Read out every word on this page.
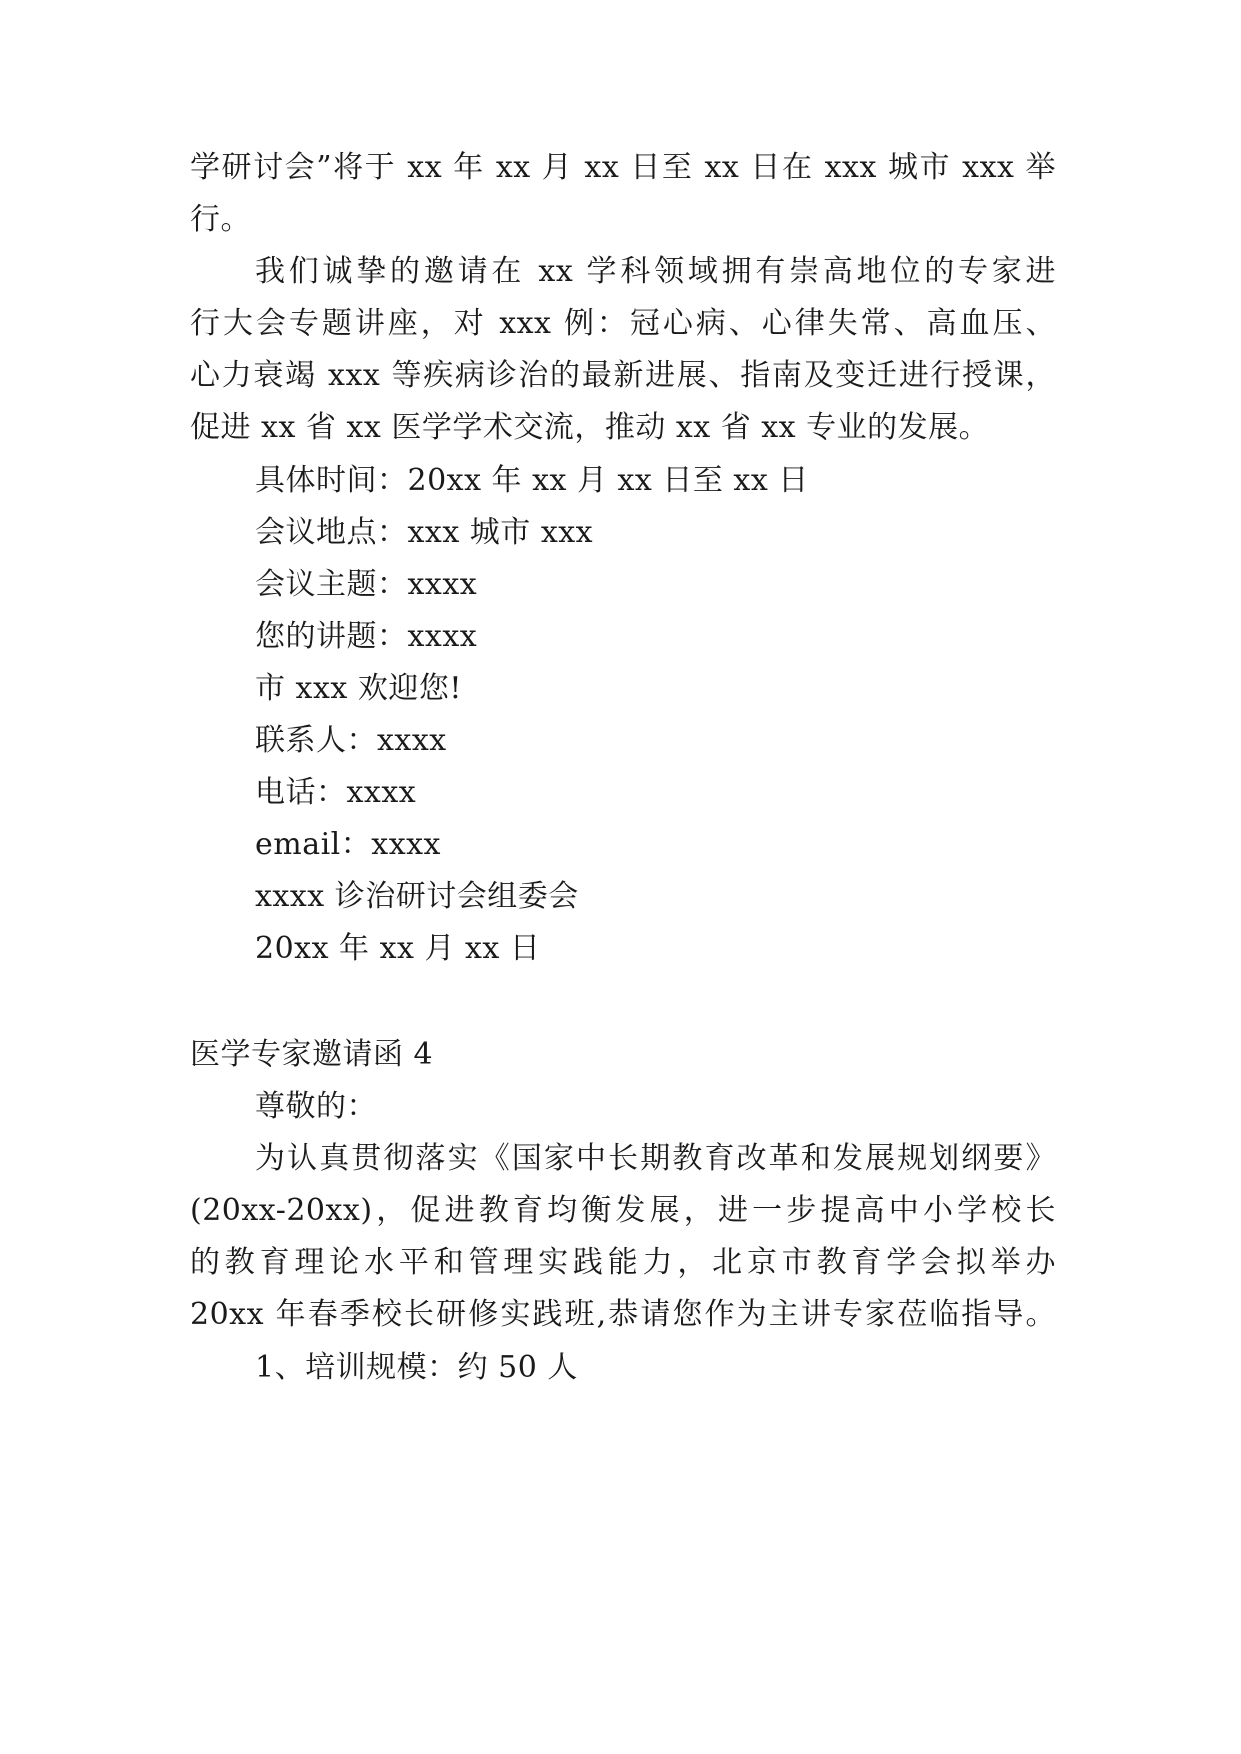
学研讨会”将于 xx 年 xx 月 xx 日至 xx 日在 xxx 城市 xxx 举
行。
我们诚挚的邀请在 xx 学科领域拥有崇高地位的专家进
行大会专题讲座，对 xxx 例：冠心病、心律失常、高血压、
心力衰竭 xxx 等疾病诊治的最新进展、指南及变迁进行授课，
促进 xx 省 xx 医学学术交流，推动 xx 省 xx 专业的发展。
具体时间：20xx 年 xx 月 xx 日至 xx 日
会议地点：xxx 城市 xxx
会议主题：xxxx
您的讲题：xxxx
市 xxx 欢迎您!
联系人：xxxx
电话：xxxx
email：xxxx
xxxx 诊治研讨会组委会
20xx 年 xx 月 xx 日
医学专家邀请函 4
尊敬的：
为认真贯彻落实《国家中长期教育改革和发展规划纲要》
(20xx-20xx)，促进教育均衡发展，进一步提高中小学校长
的教育理论水平和管理实践能力，北京市教育学会拟举办
20xx 年春季校长研修实践班,恭请您作为主讲专家莅临指导。
1、培训规模：约 50 人
